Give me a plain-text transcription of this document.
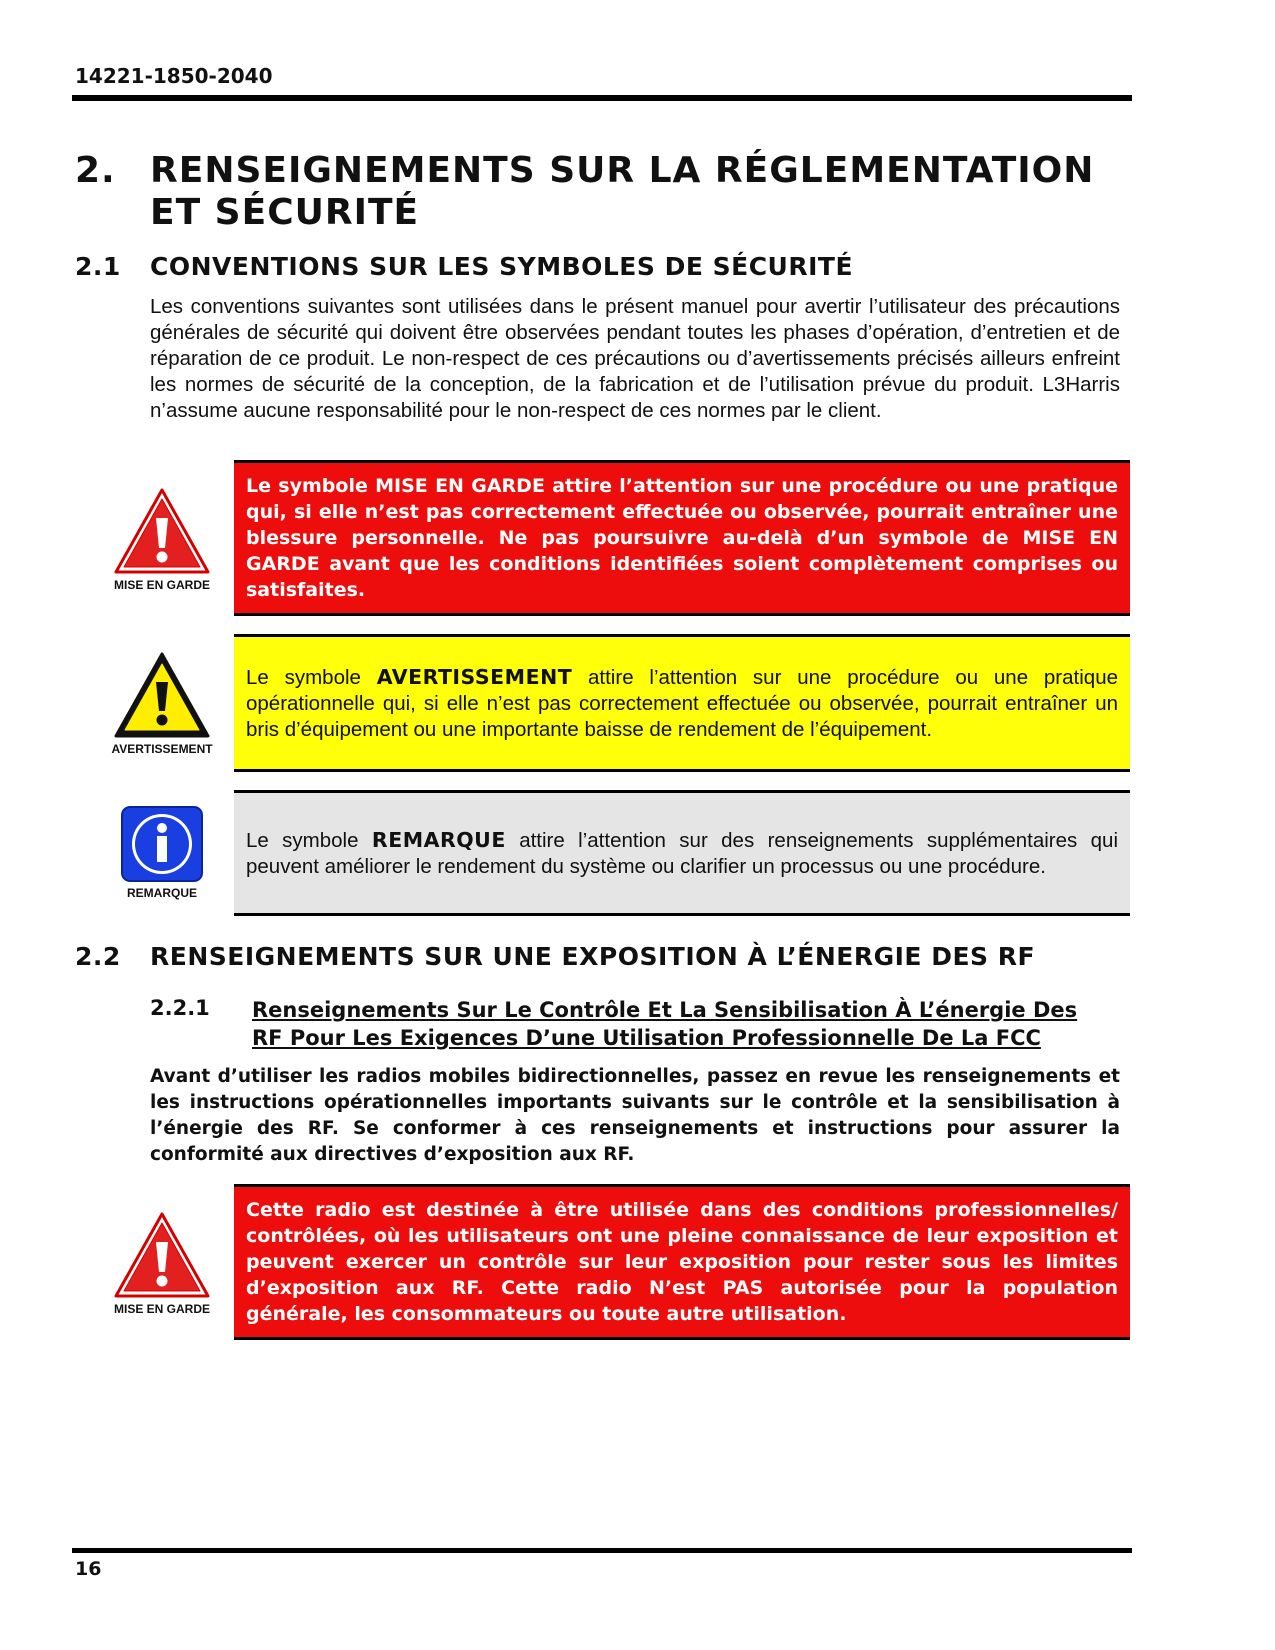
14221-1850-2040
2. RENSEIGNEMENTS SUR LA RÉGLEMENTATION ET SÉCURITÉ
2.1 CONVENTIONS SUR LES SYMBOLES DE SÉCURITÉ

Les conventions suivantes sont utilisées dans le présent manuel pour avertir l’utilisateur des précautions générales de sécurité qui doivent être observées pendant toutes les phases d’opération, d’entretien et de réparation de ce produit. Le non-respect de ces précautions ou d’avertissements précisés ailleurs enfreint les normes de sécurité de la conception, de la fabrication et de l’utilisation prévue du produit. L3Harris n’assume aucune responsabilité pour le non-respect de ces normes par le client.

MISE EN GARDE

Le symbole MISE EN GARDE attire l’attention sur une procédure ou une pratique qui, si elle n’est pas correctement effectuée ou observée, pourrait entraîner une blessure personnelle. Ne pas poursuivre au-delà d’un symbole de MISE EN GARDE avant que les conditions identifiées soient complètement comprises ou satisfaites.

AVERTISSEMENT

Le symbole AVERTISSEMENT attire l’attention sur une procédure ou une pratique opérationnelle qui, si elle n’est pas correctement effectuée ou observée, pourrait entraîner un bris d’équipement ou une importante baisse de rendement de l’équipement.

REMARQUE

Le symbole REMARQUE attire l’attention sur des renseignements supplémentaires qui peuvent améliorer le rendement du système ou clarifier un processus ou une procédure.

2.2 RENSEIGNEMENTS SUR UNE EXPOSITION À L’ÉNERGIE DES RF
2.2.1 Renseignements Sur Le Contrôle Et La Sensibilisation À L’énergie Des RF Pour Les Exigences D’une Utilisation Professionnelle De La FCC

Avant d’utiliser les radios mobiles bidirectionnelles, passez en revue les renseignements et les instructions opérationnelles importants suivants sur le contrôle et la sensibilisation à l’énergie des RF. Se conformer à ces renseignements et instructions pour assurer la conformité aux directives d’exposition aux RF.

MISE EN GARDE

Cette radio est destinée à être utilisée dans des conditions professionnelles/ contrôlées, où les utilisateurs ont une pleine connaissance de leur exposition et peuvent exercer un contrôle sur leur exposition pour rester sous les limites d’exposition aux RF. Cette radio N’est PAS autorisée pour la population générale, les consommateurs ou toute autre utilisation.

16
